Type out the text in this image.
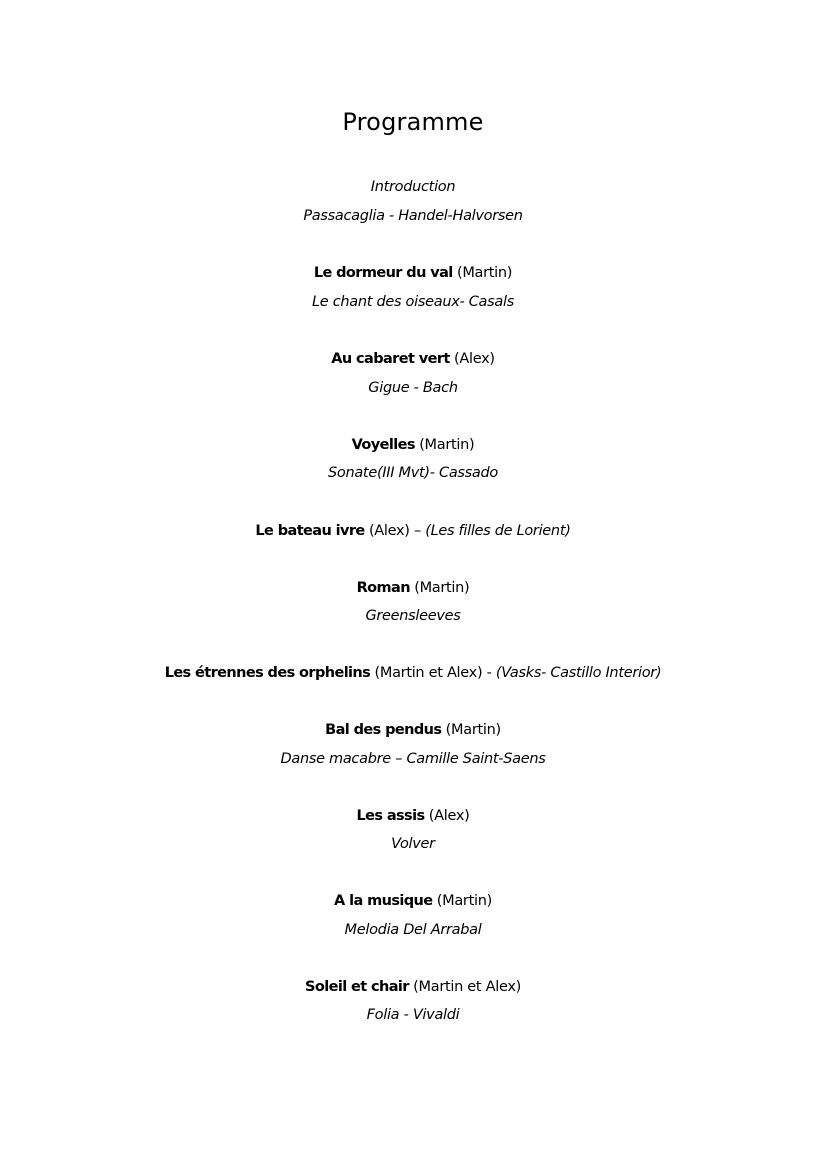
Programme
Introduction
Passacaglia - Handel-Halvorsen
Le dormeur du val (Martin)
Le chant des oiseaux- Casals
Au cabaret vert (Alex)
Gigue - Bach
Voyelles (Martin)
Sonate(III Mvt)- Cassado
Le bateau ivre (Alex) – (Les filles de Lorient)
Roman (Martin)
Greensleeves
Les étrennes des orphelins (Martin et Alex) - (Vasks- Castillo Interior)
Bal des pendus (Martin)
Danse macabre – Camille Saint-Saens
Les assis (Alex)
Volver
A la musique (Martin)
Melodia Del Arrabal
Soleil et chair (Martin et Alex)
Folia - Vivaldi
